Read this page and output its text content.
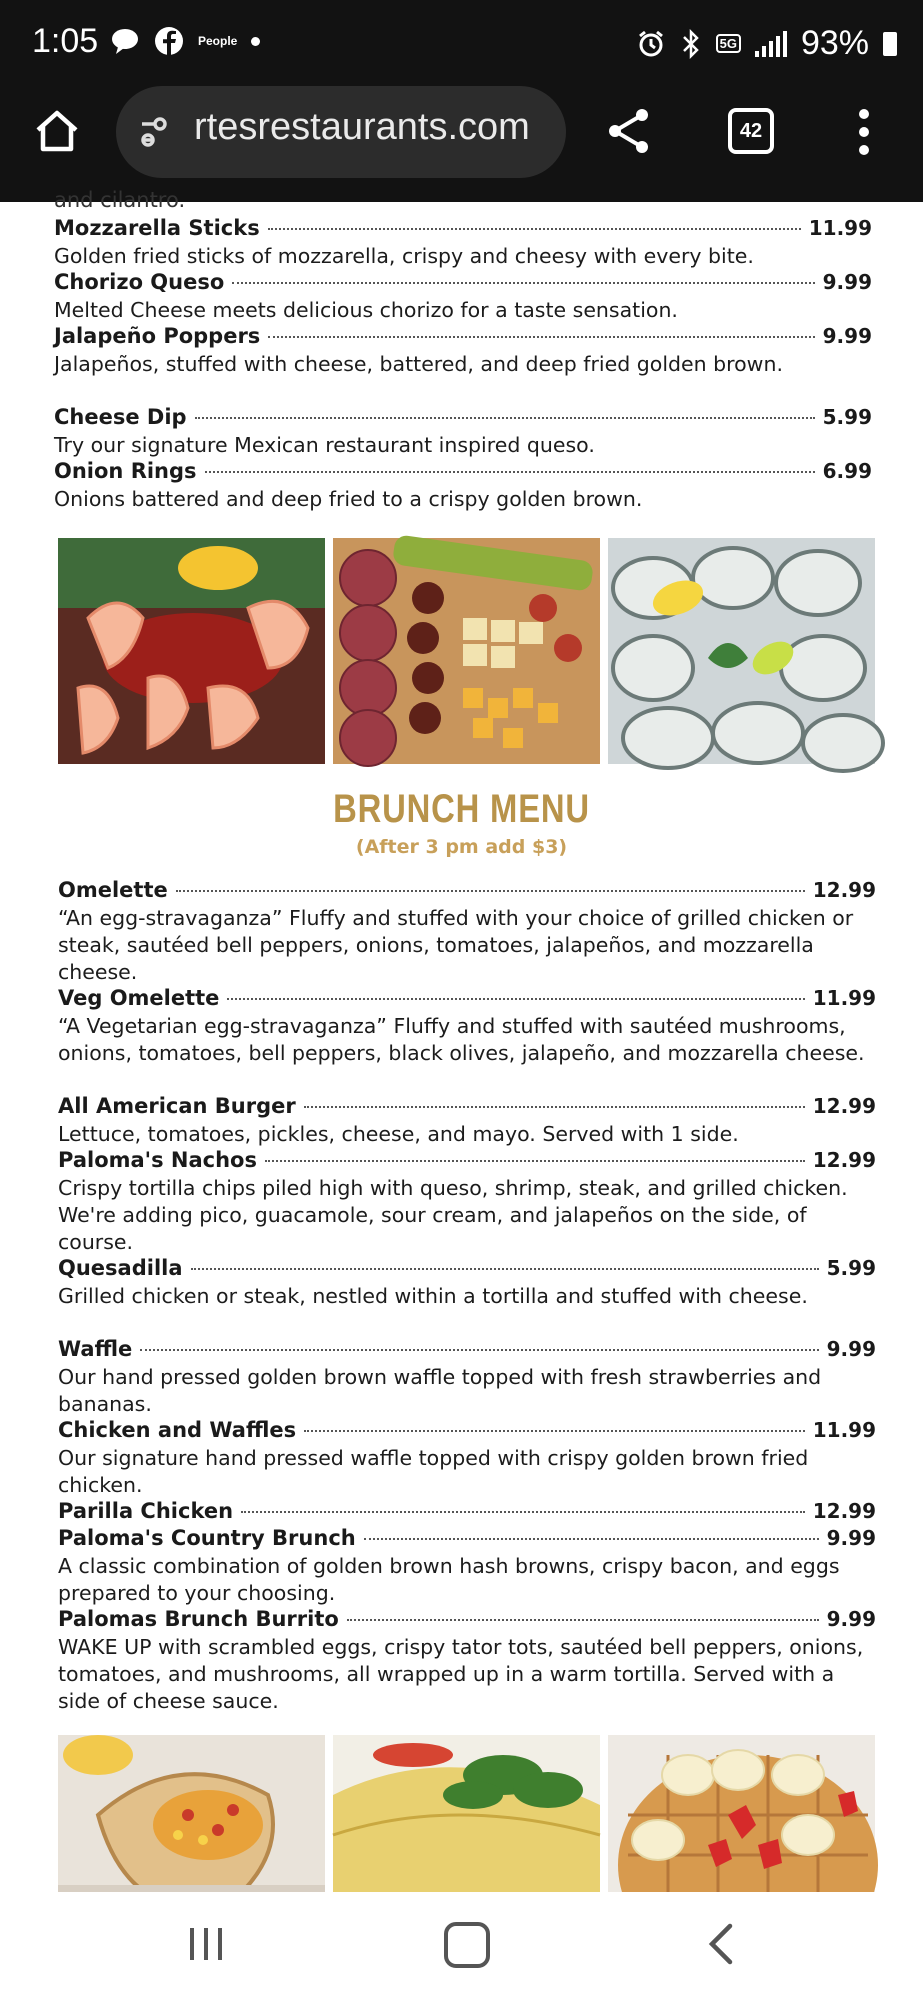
1:05	People	5G 93%
rtesrestaurants.com	42
and cilantro.
Mozzarella Sticks	11.99
Golden fried sticks of mozzarella, crispy and cheesy with every bite.
Chorizo Queso	9.99
Melted Cheese meets delicious chorizo for a taste sensation.
Jalapeño Poppers	9.99
Jalapeños, stuffed with cheese, battered, and deep fried golden brown.
Cheese Dip	5.99
Try our signature Mexican restaurant inspired queso.
Onion Rings	6.99
Onions battered and deep fried to a crispy golden brown.
BRUNCH MENU
(After 3 pm add $3)
Omelette	12.99
“An egg-stravaganza” Fluffy and stuffed with your choice of grilled chicken or steak, sautéed bell peppers, onions, tomatoes, jalapeños, and mozzarella cheese.
Veg Omelette	11.99
“A Vegetarian egg-stravaganza” Fluffy and stuffed with sautéed mushrooms, onions, tomatoes, bell peppers, black olives, jalapeño, and mozzarella cheese.
All American Burger	12.99
Lettuce, tomatoes, pickles, cheese, and mayo. Served with 1 side.
Paloma's Nachos	12.99
Crispy tortilla chips piled high with queso, shrimp, steak, and grilled chicken. We're adding pico, guacamole, sour cream, and jalapeños on the side, of course.
Quesadilla	5.99
Grilled chicken or steak, nestled within a tortilla and stuffed with cheese.
Waffle	9.99
Our hand pressed golden brown waffle topped with fresh strawberries and bananas.
Chicken and Waffles	11.99
Our signature hand pressed waffle topped with crispy golden brown fried chicken.
Parilla Chicken	12.99
Paloma's Country Brunch	9.99
A classic combination of golden brown hash browns, crispy bacon, and eggs prepared to your choosing.
Palomas Brunch Burrito	9.99
WAKE UP with scrambled eggs, crispy tator tots, sautéed bell peppers, onions, tomatoes, and mushrooms, all wrapped up in a warm tortilla. Served with a side of cheese sauce.
